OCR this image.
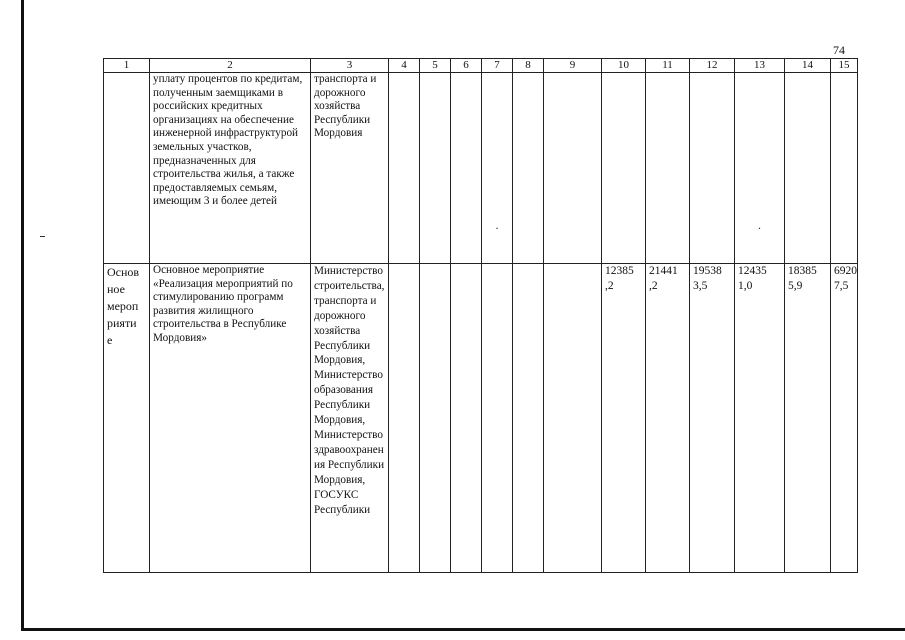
74
1	2	3	4	5	6	7	8	9	10	11	12	13	14	15
	уплату процентов по кредитам, полученным заемщиками в российских кредитных организациях на обеспечение инженерной инфраструктурой земельных участков, предназначенных для строительства жилья, а также предоставляемых семьям, имеющим 3 и более детей	транспорта и дорожного хозяйства Республики Мордовия				.						.		

Основное мероприятие	Основное мероприятие «Реализация мероприятий по стимулированию программ развития жилищного строительства в Республике Мордовия»	Министерство строительства, транспорта и дорожного хозяйства Республики Мордовия, Министерство образования Республики Мордовия, Министерство здравоохранения Республики Мордовия, ГОСУКС Республики							12385,2	21441,2	195383,5	124351,0	183855,9	69207,5
